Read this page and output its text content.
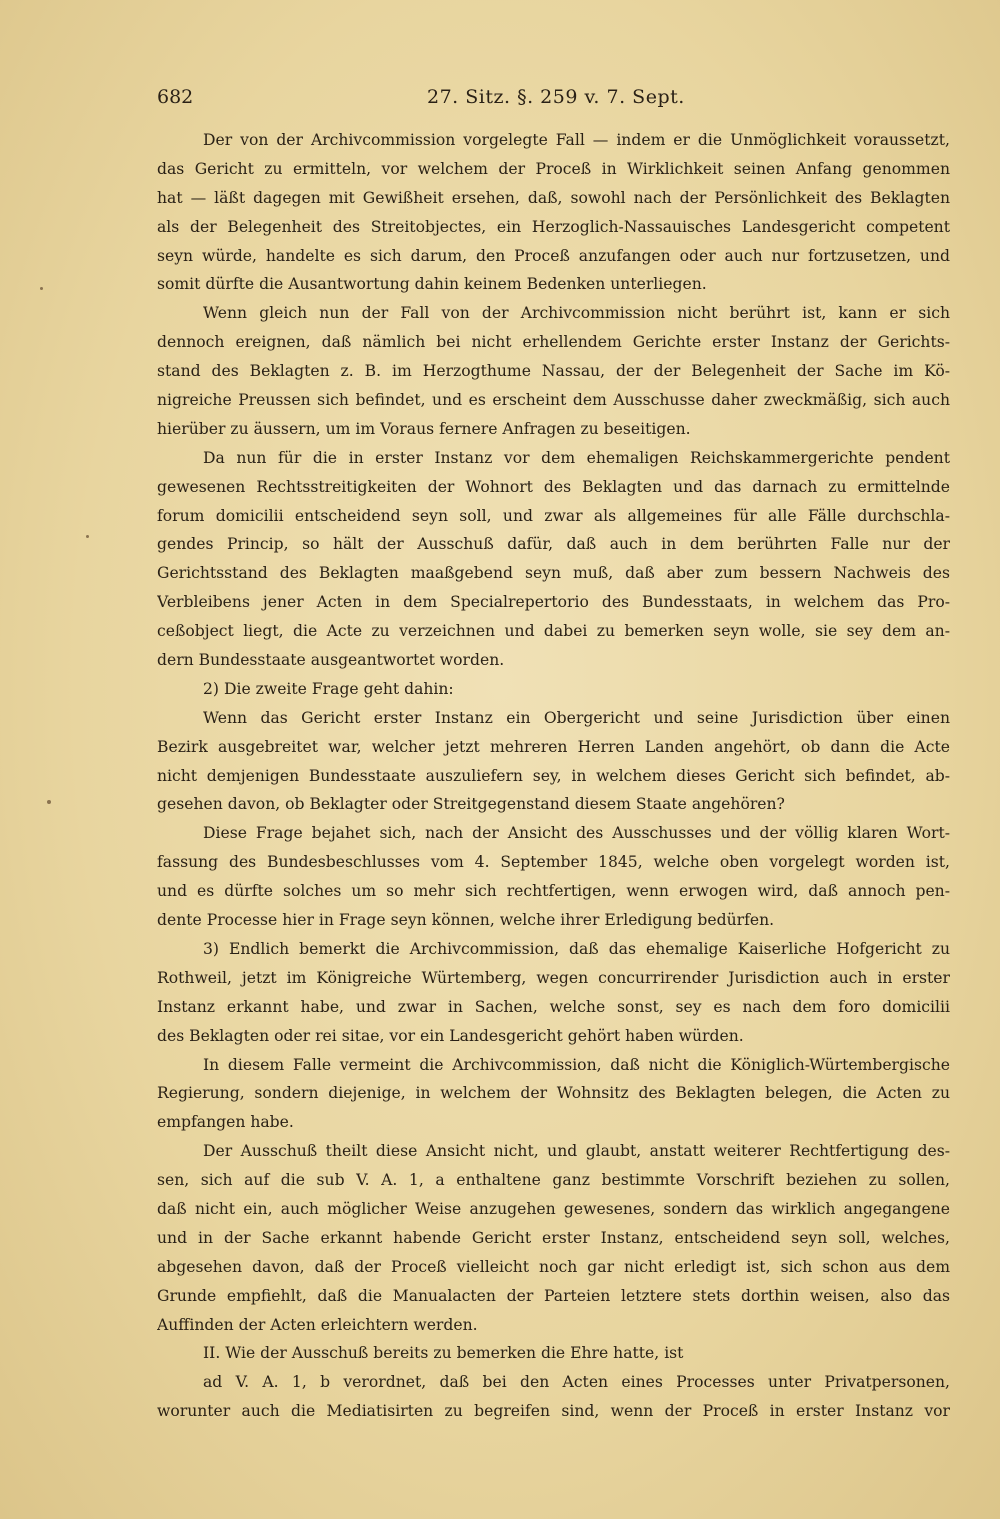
682	27. Sitz. §. 259 v. 7. Sept.
Der von der Archivcommission vorgelegte Fall — indem er die Unmöglichkeit voraussetzt,
das Gericht zu ermitteln, vor welchem der Proceß in Wirklichkeit seinen Anfang genommen
hat — läßt dagegen mit Gewißheit ersehen, daß, sowohl nach der Persönlichkeit des Beklagten
als der Belegenheit des Streitobjectes, ein Herzoglich-Nassauisches Landesgericht competent
seyn würde, handelte es sich darum, den Proceß anzufangen oder auch nur fortzusetzen, und
somit dürfte die Ausantwortung dahin keinem Bedenken unterliegen.
Wenn gleich nun der Fall von der Archivcommission nicht berührt ist, kann er sich
dennoch ereignen, daß nämlich bei nicht erhellendem Gerichte erster Instanz der Gerichts-
stand des Beklagten z. B. im Herzogthume Nassau, der der Belegenheit der Sache im Kö-
nigreiche Preussen sich befindet, und es erscheint dem Ausschusse daher zweckmäßig, sich auch
hierüber zu äussern, um im Voraus fernere Anfragen zu beseitigen.
Da nun für die in erster Instanz vor dem ehemaligen Reichskammergerichte pendent
gewesenen Rechtsstreitigkeiten der Wohnort des Beklagten und das darnach zu ermittelnde
forum domicilii entscheidend seyn soll, und zwar als allgemeines für alle Fälle durchschla-
gendes Princip, so hält der Ausschuß dafür, daß auch in dem berührten Falle nur der
Gerichtsstand des Beklagten maaßgebend seyn muß, daß aber zum bessern Nachweis des
Verbleibens jener Acten in dem Specialrepertorio des Bundesstaats, in welchem das Pro-
ceßobject liegt, die Acte zu verzeichnen und dabei zu bemerken seyn wolle, sie sey dem an-
dern Bundesstaate ausgeantwortet worden.
2) Die zweite Frage geht dahin:
Wenn das Gericht erster Instanz ein Obergericht und seine Jurisdiction über einen
Bezirk ausgebreitet war, welcher jetzt mehreren Herren Landen angehört, ob dann die Acte
nicht demjenigen Bundesstaate auszuliefern sey, in welchem dieses Gericht sich befindet, ab-
gesehen davon, ob Beklagter oder Streitgegenstand diesem Staate angehören?
Diese Frage bejahet sich, nach der Ansicht des Ausschusses und der völlig klaren Wort-
fassung des Bundesbeschlusses vom 4. September 1845, welche oben vorgelegt worden ist,
und es dürfte solches um so mehr sich rechtfertigen, wenn erwogen wird, daß annoch pen-
dente Processe hier in Frage seyn können, welche ihrer Erledigung bedürfen.
3) Endlich bemerkt die Archivcommission, daß das ehemalige Kaiserliche Hofgericht zu
Rothweil, jetzt im Königreiche Würtemberg, wegen concurrirender Jurisdiction auch in erster
Instanz erkannt habe, und zwar in Sachen, welche sonst, sey es nach dem foro domicilii
des Beklagten oder rei sitae, vor ein Landesgericht gehört haben würden.
In diesem Falle vermeint die Archivcommission, daß nicht die Königlich-Würtembergische
Regierung, sondern diejenige, in welchem der Wohnsitz des Beklagten belegen, die Acten zu
empfangen habe.
Der Ausschuß theilt diese Ansicht nicht, und glaubt, anstatt weiterer Rechtfertigung des-
sen, sich auf die sub V. A. 1, a enthaltene ganz bestimmte Vorschrift beziehen zu sollen,
daß nicht ein, auch möglicher Weise anzugehen gewesenes, sondern das wirklich angegangene
und in der Sache erkannt habende Gericht erster Instanz, entscheidend seyn soll, welches,
abgesehen davon, daß der Proceß vielleicht noch gar nicht erledigt ist, sich schon aus dem
Grunde empfiehlt, daß die Manualacten der Parteien letztere stets dorthin weisen, also das
Auffinden der Acten erleichtern werden.
II. Wie der Ausschuß bereits zu bemerken die Ehre hatte, ist
ad V. A. 1, b verordnet, daß bei den Acten eines Processes unter Privatpersonen,
worunter auch die Mediatisirten zu begreifen sind, wenn der Proceß in erster Instanz vor
